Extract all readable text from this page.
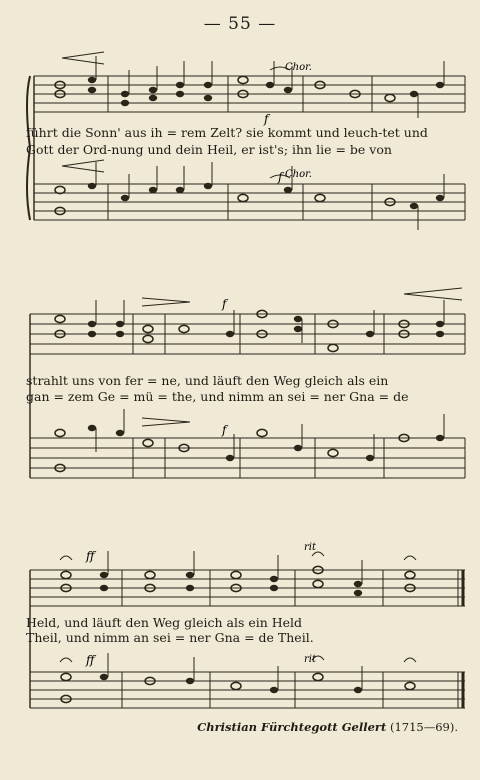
— 55 —
Chor.
Chor.
f
f
führt die Sonn' aus ih = rem Zelt? sie kommt und leuch-tet und
Gott der Ord-nung und dein Heil, er ist's; ihn lie = be von
f
f
strahlt uns von fer = ne, und läuft den Weg gleich als ein
gan = zem Ge = mü = the, und nimm an sei = ner Gna = de
ff
rit
ff	rit
Held, und läuft den Weg gleich als ein Held
Theil, und nimm an sei = ner Gna = de Theil.
Christian Fürchtegott Gellert (1715—69).
